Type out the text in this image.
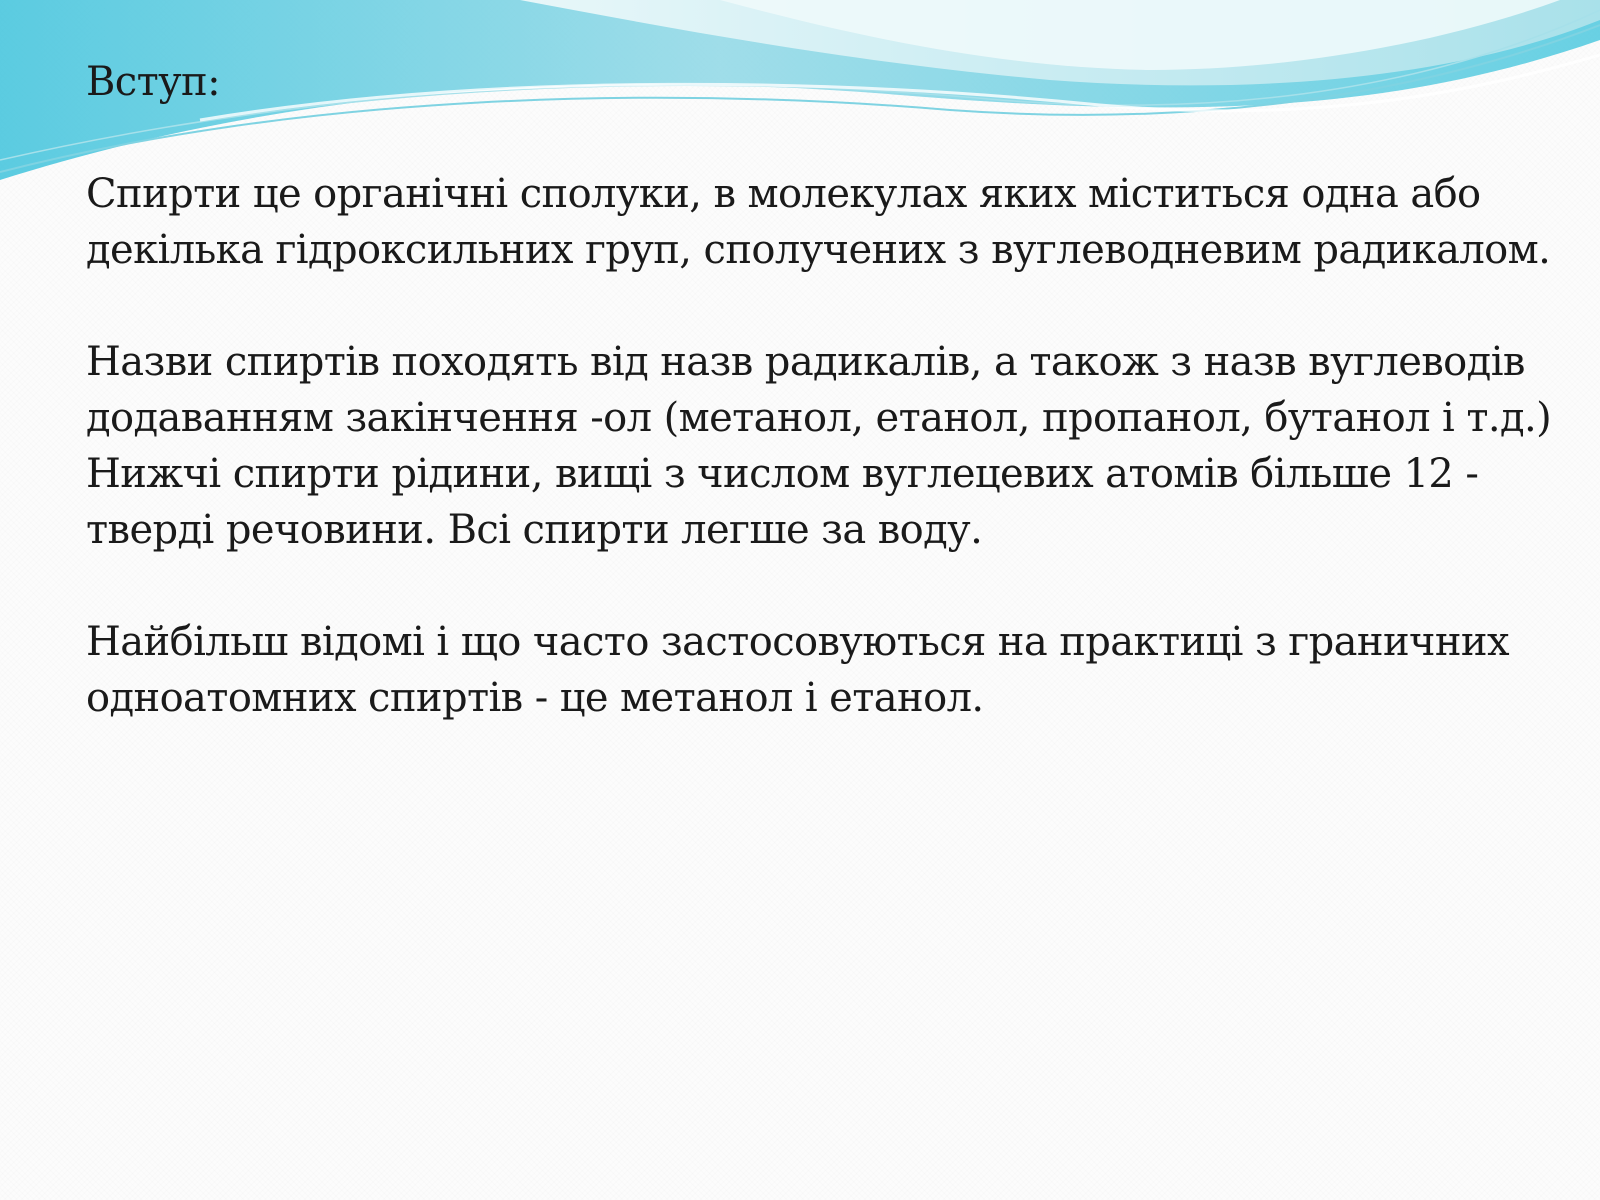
Вступ:

Спирти це органічні сполуки, в молекулах яких міститься одна або декілька гідроксильних груп, сполучених з вуглеводневим радикалом.

Назви спиртів походять від назв радикалів, а також з назв вуглеводів додаванням закінчення -ол (метанол, етанол, пропанол, бутанол і т.д.)

Нижчі спирти рідини, вищі з числом вуглецевих атомів більше 12 - тверді речовини. Всі спирти легше за воду.

Найбільш відомі і що часто застосовуються на практиці з граничних одноатомних спиртів - це метанол і етанол.
